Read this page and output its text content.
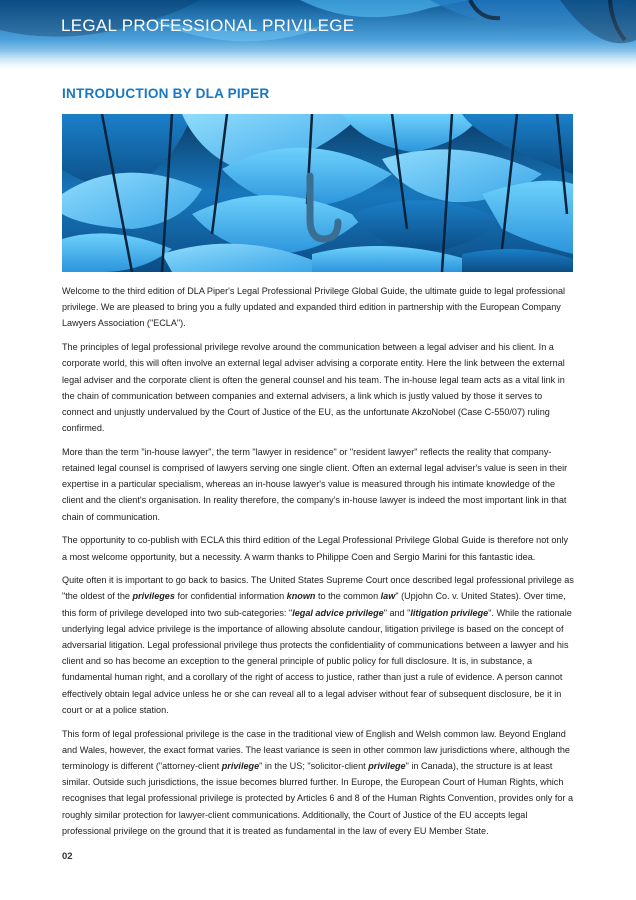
LEGAL PROFESSIONAL PRIVILEGE
INTRODUCTION BY DLA PIPER

Welcome to the third edition of DLA Piper's Legal Professional Privilege Global Guide, the ultimate guide to legal professional privilege. We are pleased to bring you a fully updated and expanded third edition in partnership with the European Company Lawyers Association ("ECLA").

The principles of legal professional privilege revolve around the communication between a legal adviser and his client. In a corporate world, this will often involve an external legal adviser advising a corporate entity. Here the link between the external legal adviser and the corporate client is often the general counsel and his team. The in-house legal team acts as a vital link in the chain of communication between companies and external advisers, a link which is justly valued by those it serves to connect and unjustly undervalued by the Court of Justice of the EU, as the unfortunate AkzoNobel (Case C-550/07) ruling confirmed.

More than the term "in-house lawyer", the term "lawyer in residence" or "resident lawyer" reflects the reality that company-retained legal counsel is comprised of lawyers serving one single client. Often an external legal adviser's value is seen in their expertise in a particular specialism, whereas an in-house lawyer's value is measured through his intimate knowledge of the client and the client's organisation. In reality therefore, the company's in-house lawyer is indeed the most important link in that chain of communication.

The opportunity to co-publish with ECLA this third edition of the Legal Professional Privilege Global Guide is therefore not only a most welcome opportunity, but a necessity. A warm thanks to Philippe Coen and Sergio Marini for this fantastic idea.

Quite often it is important to go back to basics. The United States Supreme Court once described legal professional privilege as "the oldest of the privileges for confidential information known to the common law" (Upjohn Co. v. United States). Over time, this form of privilege developed into two sub-categories: "legal advice privilege" and "litigation privilege". While the rationale underlying legal advice privilege is the importance of allowing absolute candour, litigation privilege is based on the concept of adversarial litigation. Legal professional privilege thus protects the confidentiality of communications between a lawyer and his client and so has become an exception to the general principle of public policy for full disclosure. It is, in substance, a fundamental human right, and a corollary of the right of access to justice, rather than just a rule of evidence. A person cannot effectively obtain legal advice unless he or she can reveal all to a legal adviser without fear of subsequent disclosure, be it in court or at a police station.

This form of legal professional privilege is the case in the traditional view of English and Welsh common law. Beyond England and Wales, however, the exact format varies. The least variance is seen in other common law jurisdictions where, although the terminology is different ("attorney-client privilege" in the US; "solicitor-client privilege" in Canada), the structure is at least similar. Outside such jurisdictions, the issue becomes blurred further. In Europe, the European Court of Human Rights, which recognises that legal professional privilege is protected by Articles 6 and 8 of the Human Rights Convention, provides only for a roughly similar protection for lawyer-client communications. Additionally, the Court of Justice of the EU accepts legal professional privilege on the ground that it is treated as fundamental in the law of every EU Member State.

02
